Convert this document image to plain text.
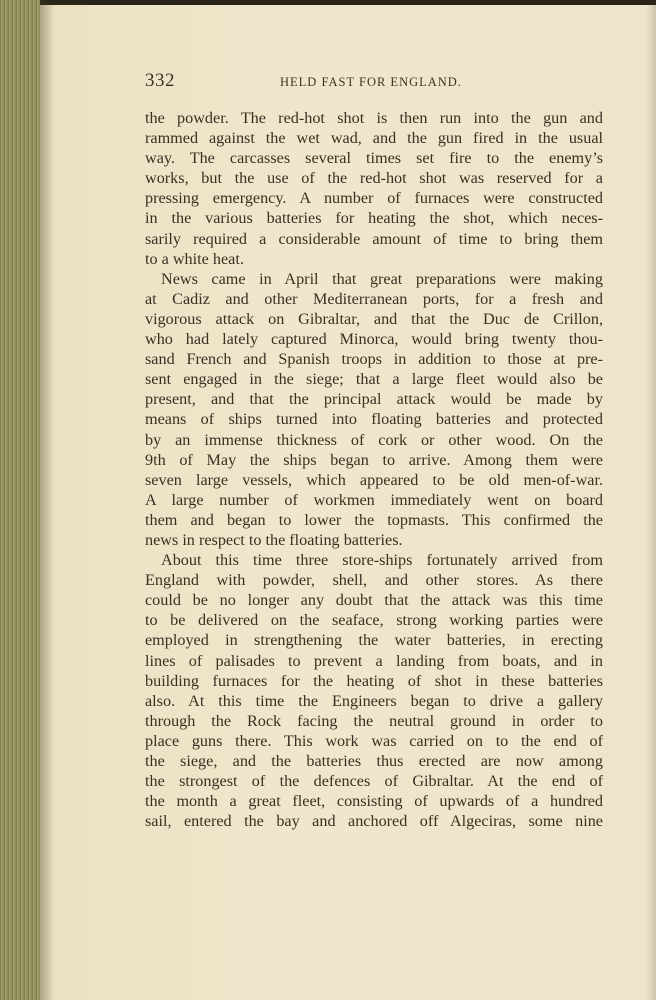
332	HELD FAST FOR ENGLAND.
the powder. The red-hot shot is then run into the gun and
rammed against the wet wad, and the gun fired in the usual
way. The carcasses several times set fire to the enemy’s
works, but the use of the red-hot shot was reserved for a
pressing emergency. A number of furnaces were constructed
in the various batteries for heating the shot, which neces-
sarily required a considerable amount of time to bring them
to a white heat.
News came in April that great preparations were making
at Cadiz and other Mediterranean ports, for a fresh and
vigorous attack on Gibraltar, and that the Duc de Crillon,
who had lately captured Minorca, would bring twenty thou-
sand French and Spanish troops in addition to those at pre-
sent engaged in the siege; that a large fleet would also be
present, and that the principal attack would be made by
means of ships turned into floating batteries and protected
by an immense thickness of cork or other wood. On the
9th of May the ships began to arrive. Among them were
seven large vessels, which appeared to be old men-of-war.
A large number of workmen immediately went on board
them and began to lower the topmasts. This confirmed the
news in respect to the floating batteries.
About this time three store-ships fortunately arrived from
England with powder, shell, and other stores. As there
could be no longer any doubt that the attack was this time
to be delivered on the seaface, strong working parties were
employed in strengthening the water batteries, in erecting
lines of palisades to prevent a landing from boats, and in
building furnaces for the heating of shot in these batteries
also. At this time the Engineers began to drive a gallery
through the Rock facing the neutral ground in order to
place guns there. This work was carried on to the end of
the siege, and the batteries thus erected are now among
the strongest of the defences of Gibraltar. At the end of
the month a great fleet, consisting of upwards of a hundred
sail, entered the bay and anchored off Algeciras, some nine
